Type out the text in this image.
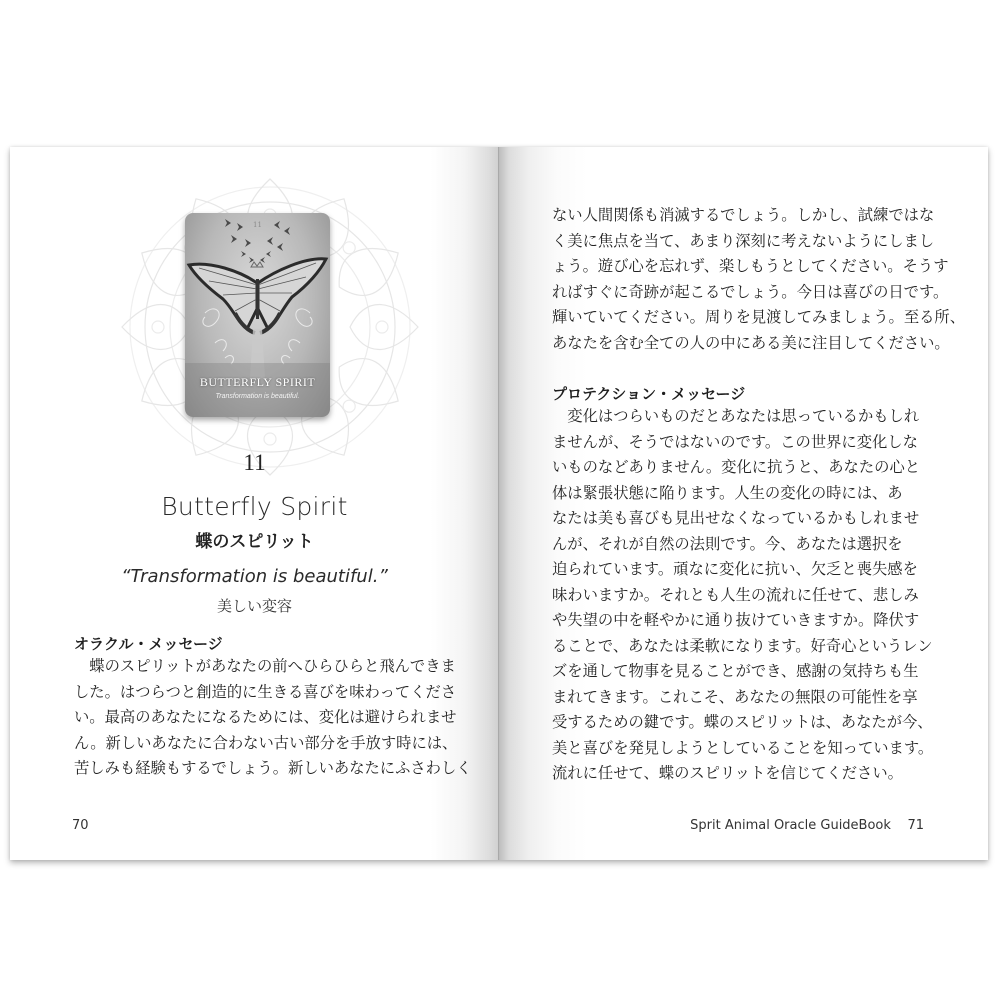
11
BUTTERFLY SPIRIT
Transformation is beautiful.
11
Butterfly Spirit
蝶のスピリット
“Transformation is beautiful.”
美しい変容
オラクル・メッセージ
　蝶のスピリットがあなたの前へひらひらと飛んできま
した。はつらつと創造的に生きる喜びを味わってくださ
い。最高のあなたになるためには、変化は避けられませ
ん。新しいあなたに合わない古い部分を手放す時には、
苦しみも経験もするでしょう。新しいあなたにふさわしく
70
ない人間関係も消滅するでしょう。しかし、試練ではな
く美に焦点を当て、あまり深刻に考えないようにしまし
ょう。遊び心を忘れず、楽しもうとしてください。そうす
ればすぐに奇跡が起こるでしょう。今日は喜びの日です。
輝いていてください。周りを見渡してみましょう。至る所、
あなたを含む全ての人の中にある美に注目してください。
プロテクション・メッセージ
　変化はつらいものだとあなたは思っているかもしれ
ませんが、そうではないのです。この世界に変化しな
いものなどありません。変化に抗うと、あなたの心と
体は緊張状態に陥ります。人生の変化の時には、あ
なたは美も喜びも見出せなくなっているかもしれませ
んが、それが自然の法則です。今、あなたは選択を
迫られています。頑なに変化に抗い、欠乏と喪失感を
味わいますか。それとも人生の流れに任せて、悲しみ
や失望の中を軽やかに通り抜けていきますか。降伏す
ることで、あなたは柔軟になります。好奇心というレン
ズを通して物事を見ることができ、感謝の気持ちも生
まれてきます。これこそ、あなたの無限の可能性を享
受するための鍵です。蝶のスピリットは、あなたが今、
美と喜びを発見しようとしていることを知っています。
流れに任せて、蝶のスピリットを信じてください。
Sprit Animal Oracle GuideBook 71
